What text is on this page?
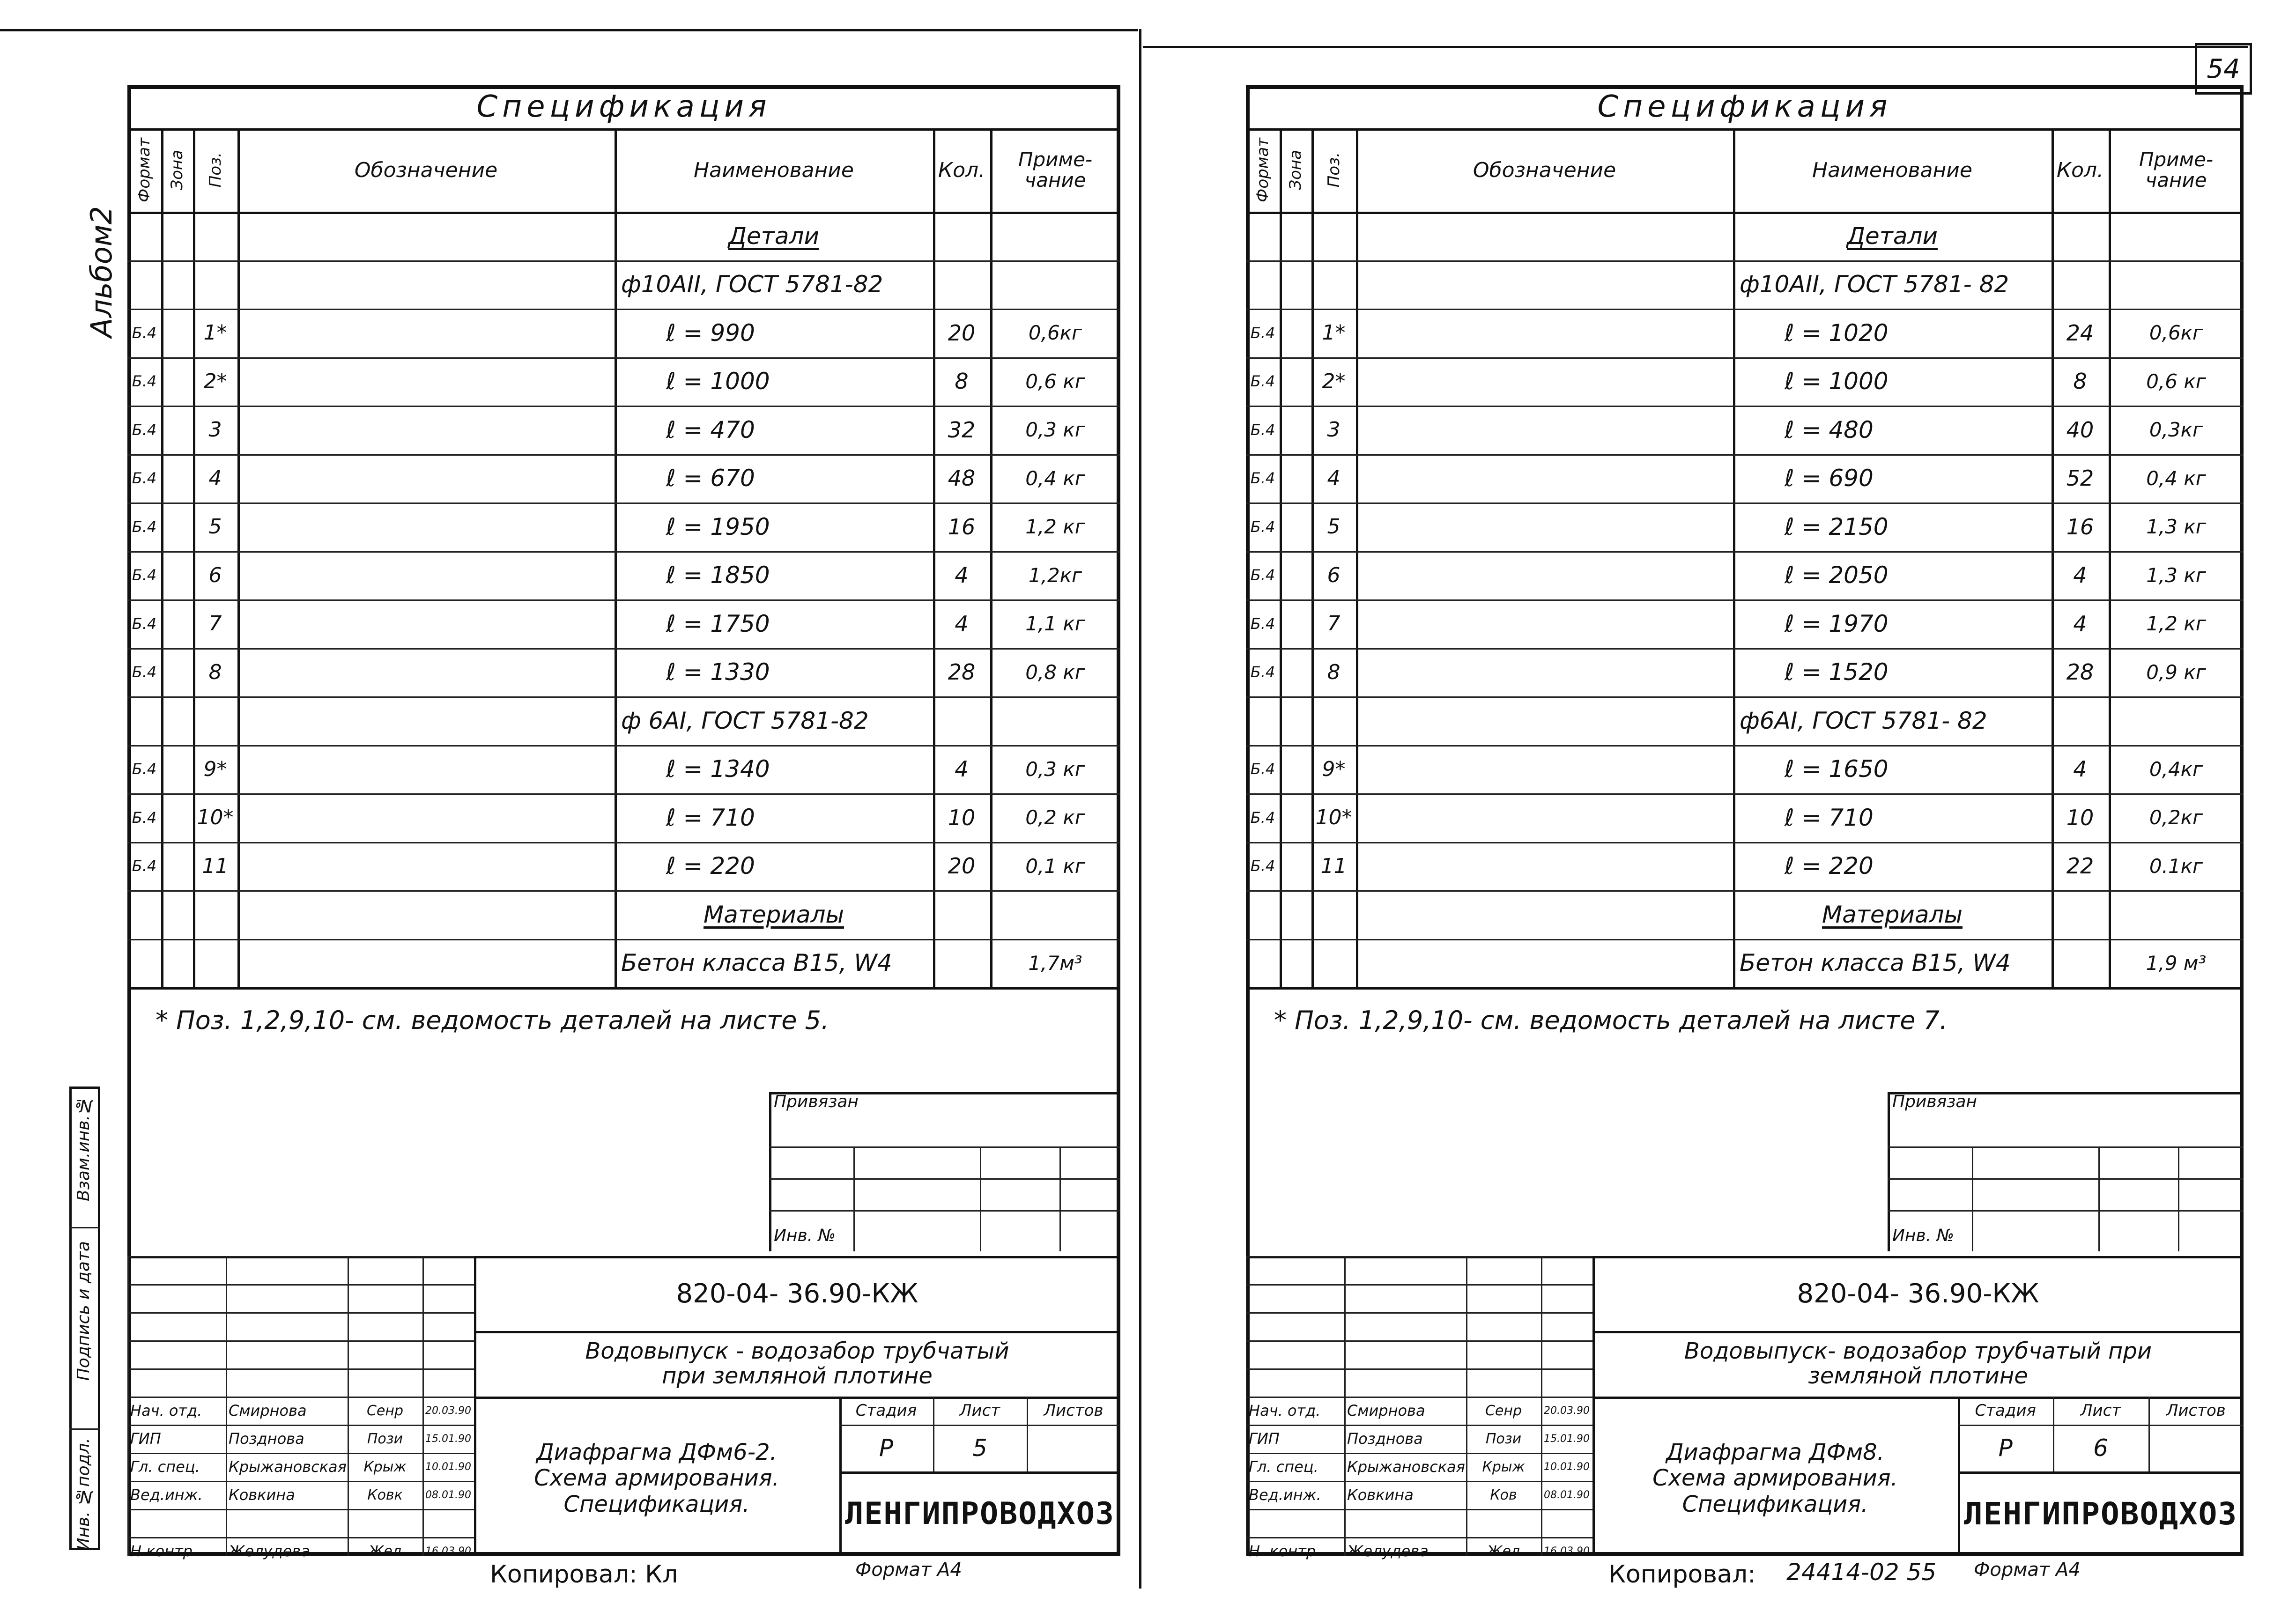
54
Альбом2
Взам.инв.№
Подпись и дата
Инв. №подл.
Спецификация
Формат Зона Поз.	Обозначение	Наименование	Кол.	Приме-
чание
Детали
ф10АII, ГОСТ 5781-82
Б.4	1*	ℓ = 990	20	0,6кг
Б.4	2*	ℓ = 1000	8	0,6 кг
Б.4	3	ℓ = 470	32	0,3 кг
Б.4	4	ℓ = 670	48	0,4 кг
Б.4	5	ℓ = 1950	16	1,2 кг
Б.4	6	ℓ = 1850	4	1,2кг
Б.4	7	ℓ = 1750	4	1,1 кг
Б.4	8	ℓ = 1330	28	0,8 кг
ф 6АI, ГОСТ 5781-82
Б.4	9*	ℓ = 1340	4	0,3 кг
Б.4 10*	ℓ = 710	10	0,2 кг
Б.4	11	ℓ = 220	20	0,1 кг
Материалы
Бетон класса В15, W4	1,7м³
* Поз. 1,2,9,10- см. ведомость деталей на листе 5.
Привязан
Инв. №
Нач. отд.	Смирнова	Сенр	20.03.90
ГИП	Позднова	Пози	15.01.90
Гл. спец.	Крыжановская	Крыж	10.01.90
Вед.инж.	Ковкина	Ковк	08.01.90
Н.контр.	Желудева	Жел	16.03.90
820-04- 36.90-КЖ
Водовыпуск - водозабор трубчатый
при земляной плотине
Стадия	Лист	Листов
Р	5
ЛЕНГИПРОВОДХОЗ
Диафрагма ДФм6-2.
Схема армирования.
Спецификация.
Копировал: Кл	Формат А4
Спецификация
Формат Зона Поз.	Обозначение	Наименование	Кол.	Приме-
чание
Детали
ф10АII, ГОСТ 5781- 82
Б.4	1*	ℓ = 1020	24	0,6кг
Б.4	2*	ℓ = 1000	8	0,6 кг
Б.4	3	ℓ = 480	40	0,3кг
Б.4	4	ℓ = 690	52	0,4 кг
Б.4	5	ℓ = 2150	16	1,3 кг
Б.4	6	ℓ = 2050	4	1,3 кг
Б.4	7	ℓ = 1970	4	1,2 кг
Б.4	8	ℓ = 1520	28	0,9 кг
ф6АI, ГОСТ 5781- 82
Б.4	9*	ℓ = 1650	4	0,4кг
Б.4 10*	ℓ = 710	10	0,2кг
Б.4	11	ℓ = 220	22	0.1кг
Материалы
Бетон класса В15, W4	1,9 м³
* Поз. 1,2,9,10- см. ведомость деталей на листе 7.
Привязан
Инв. №
Нач. отд.	Смирнова	Сенр	20.03.90
ГИП	Позднова	Пози	15.01.90
Гл. спец.	Крыжановская	Крыж	10.01.90
Вед.инж.	Ковкина	Ков	08.01.90
Н. контр.	Желудева	Жел	16.03.90
820-04- 36.90-КЖ
Водовыпуск- водозабор трубчатый при
земляной плотине
Стадия	Лист	Листов
Р	6
ЛЕНГИПРОВОДХОЗ
Диафрагма ДФм8.
Схема армирования.
Спецификация.
Копировал:	Формат А4
24414-02 55
